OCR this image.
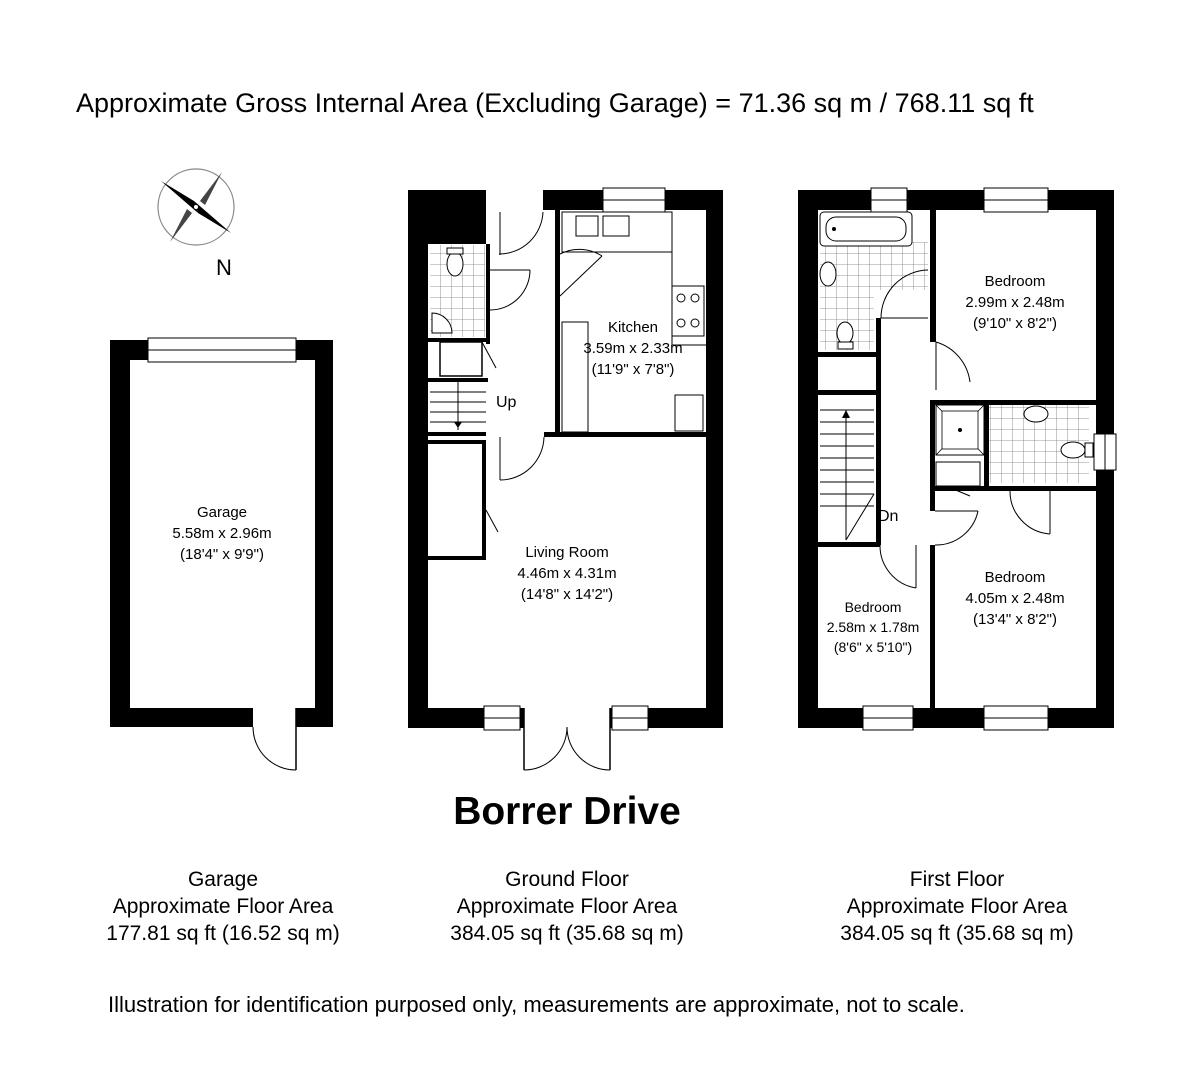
Approximate Gross Internal Area (Excluding Garage) = 71.36 sq m / 768.11 sq ft
N
Garage
5.58m x 2.96m
(18'4" x 9'9")
Up
Kitchen
3.59m x 2.33m
(11'9" x 7'8")
Living Room
4.46m x 4.31m
(14'8" x 14'2")
Dn
Bedroom
2.99m x 2.48m
(9'10" x 8'2")
Bedroom
4.05m x 2.48m
(13'4" x 8'2")
Bedroom
2.58m x 1.78m
(8'6" x 5'10")
Borrer Drive
Garage
Approximate Floor Area
177.81 sq ft (16.52 sq m)
Ground Floor
Approximate Floor Area
384.05 sq ft (35.68 sq m)
First Floor
Approximate Floor Area
384.05 sq ft (35.68 sq m)
Illustration for identification purposed only, measurements are approximate, not to scale.
